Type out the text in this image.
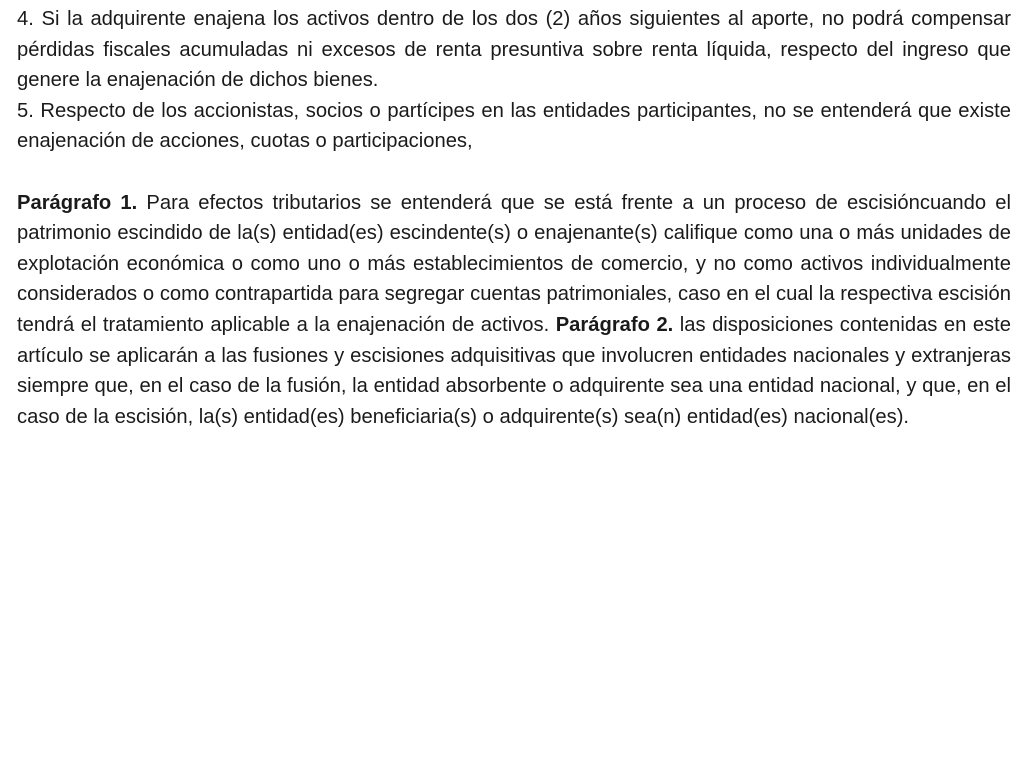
4. Si la adquirente enajena los activos dentro de los dos (2) años siguientes al aporte, no podrá compensar pérdidas fiscales acumuladas ni excesos de renta presuntiva sobre renta líquida, respecto del ingreso que genere la enajenación de dichos bienes.

5. Respecto de los accionistas, socios o partícipes en las entidades participantes, no se entenderá que existe enajenación de acciones, cuotas o participaciones,

Parágrafo 1. Para efectos tributarios se entenderá que se está frente a un proceso de escisióncuando el patrimonio escindido de la(s) entidad(es) escindente(s) o enajenante(s) califique como una o más unidades de explotación económica o como uno o más establecimientos de comercio, y no como activos individualmente considerados o como contrapartida para segregar cuentas patrimoniales, caso en el cual la respectiva escisión tendrá el tratamiento aplicable a la enajenación de activos. Parágrafo 2. las disposiciones contenidas en este artículo se aplicarán a las fusiones y escisiones adquisitivas que involucren entidades nacionales y extranjeras siempre que, en el caso de la fusión, la entidad absorbente o adquirente sea una entidad nacional, y que, en el caso de la escisión, la(s) entidad(es) beneficiaria(s) o adquirente(s) sea(n) entidad(es) nacional(es).
